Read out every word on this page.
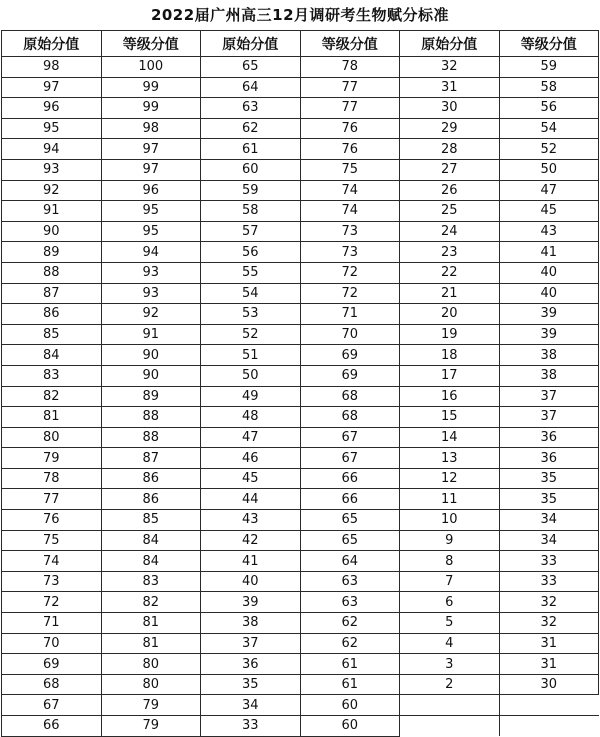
2022届广州高三12月调研考生物赋分标准
原始分值	等级分值	原始分值	等级分值	原始分值	等级分值
98	100	65	78	32	59
97	99	64	77	31	58
96	99	63	77	30	56
95	98	62	76	29	54
94	97	61	76	28	52
93	97	60	75	27	50
92	96	59	74	26	47
91	95	58	74	25	45
90	95	57	73	24	43
89	94	56	73	23	41
88	93	55	72	22	40
87	93	54	72	21	40
86	92	53	71	20	39
85	91	52	70	19	39
84	90	51	69	18	38
83	90	50	69	17	38
82	89	49	68	16	37
81	88	48	68	15	37
80	88	47	67	14	36
79	87	46	67	13	36
78	86	45	66	12	35
77	86	44	66	11	35
76	85	43	65	10	34
75	84	42	65	9	34
74	84	41	64	8	33
73	83	40	63	7	33
72	82	39	63	6	32
71	81	38	62	5	32
70	81	37	62	4	31
69	80	36	61	3	31
68	80	35	61	2	30
67	79	34	60		
66	79	33	60		
